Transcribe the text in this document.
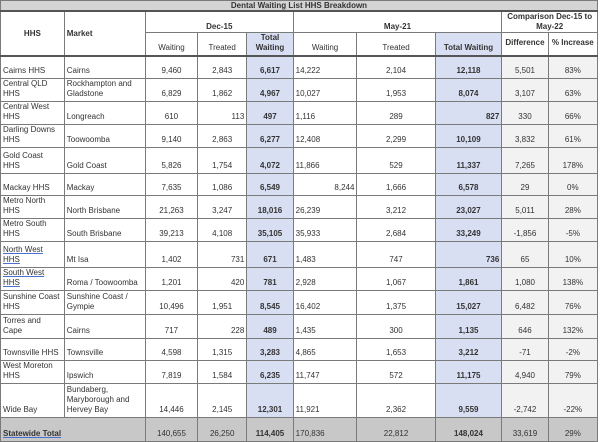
Dental Waiting List HHS Breakdown									
HHS	Market	Dec-15			May-21			Comparison Dec-15 to May-22	
		Waiting	Treated	Total Waiting	Waiting	Treated	Total Waiting	Difference	% Increase
Cairns HHS	Cairns	9,460	2,843	6,617	14,222	2,104	12,118	5,501	83%
Central QLD HHS	Rockhampton and Gladstone	6,829	1,862	4,967	10,027	1,953	8,074	3,107	63%
Central West HHS	Longreach	610	113	497	1,116	289	827	330	66%
Darling Downs HHS	Toowoomba	9,140	2,863	6,277	12,408	2,299	10,109	3,832	61%
Gold Coast HHS	Gold Coast	5,826	1,754	4,072	11,866	529	11,337	7,265	178%
Mackay HHS	Mackay	7,635	1,086	6,549	8,244	1,666	6,578	29	0%
Metro North HHS	North Brisbane	21,263	3,247	18,016	26,239	3,212	23,027	5,011	28%
Metro South HHS	South Brisbane	39,213	4,108	35,105	35,933	2,684	33,249	-1,856	-5%
North West HHS	Mt Isa	1,402	731	671	1,483	747	736	65	10%
South West HHS	Roma / Toowoomba	1,201	420	781	2,928	1,067	1,861	1,080	138%
Sunshine Coast HHS	Sunshine Coast / Gympie	10,496	1,951	8,545	16,402	1,375	15,027	6,482	76%
Torres and Cape	Cairns	717	228	489	1,435	300	1,135	646	132%
Townsville HHS	Townsville	4,598	1,315	3,283	4,865	1,653	3,212	-71	-2%
West Moreton HHS	Ipswich	7,819	1,584	6,235	11,747	572	11,175	4,940	79%
Wide Bay	Bundaberg, Maryborough and Hervey Bay	14,446	2,145	12,301	11,921	2,362	9,559	-2,742	-22%
Statewide Total		140,655	26,250	114,405	170,836	22,812	148,024	33,619	29%
